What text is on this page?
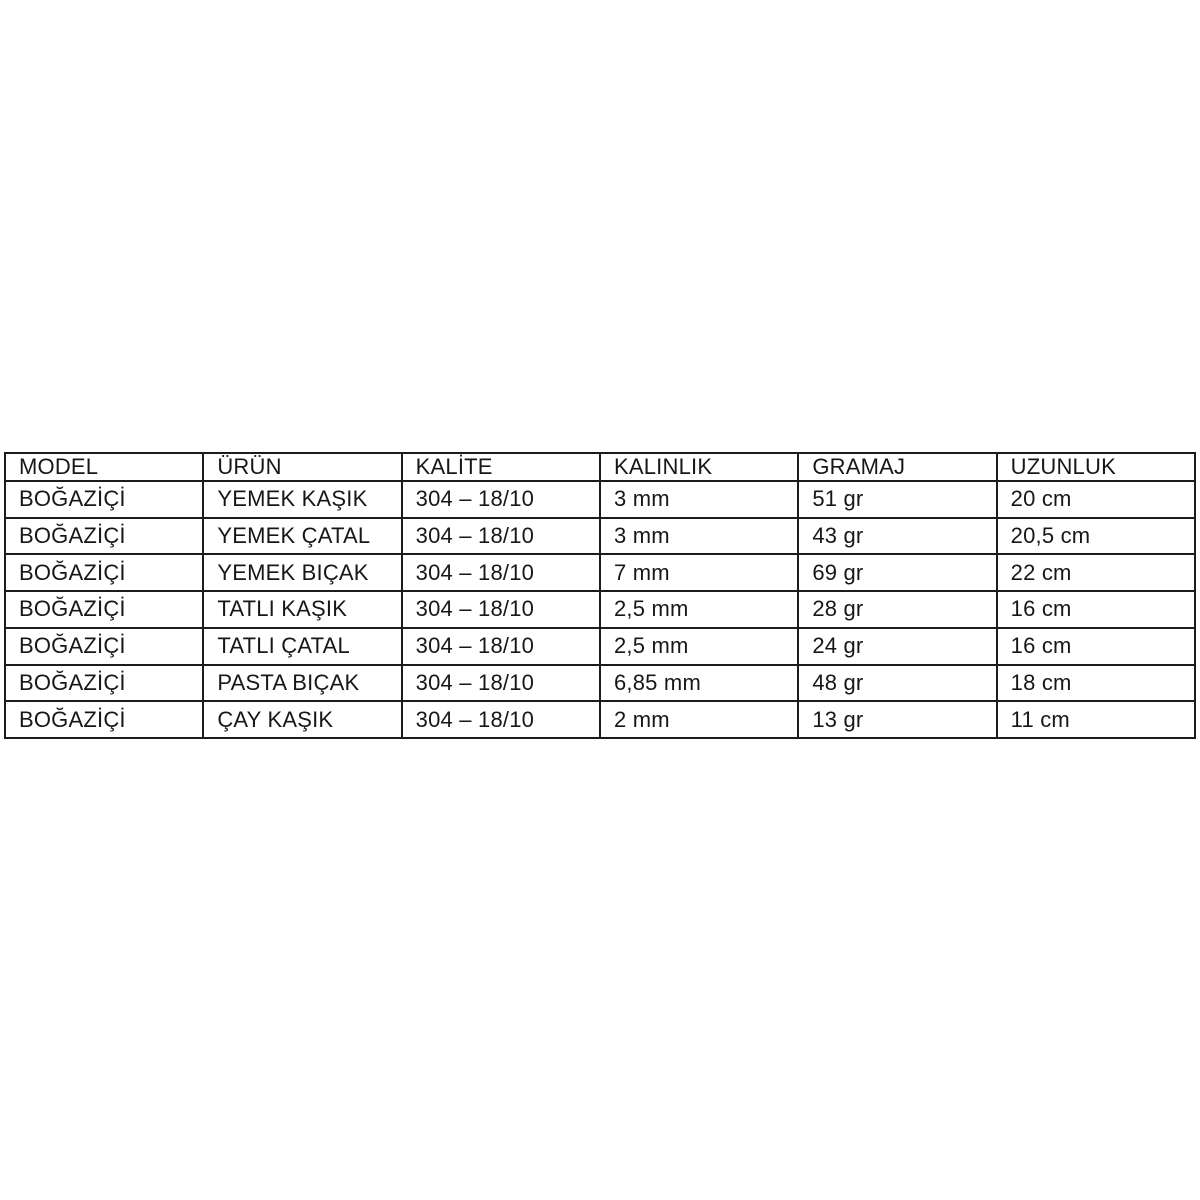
MODEL	ÜRÜN	KALİTE	KALINLIK	GRAMAJ	UZUNLUK
BOĞAZİÇİ	YEMEK KAŞIK	304 – 18/10	3 mm	51 gr	20 cm
BOĞAZİÇİ	YEMEK ÇATAL	304 – 18/10	3 mm	43 gr	20,5 cm
BOĞAZİÇİ	YEMEK BIÇAK	304 – 18/10	7 mm	69 gr	22 cm
BOĞAZİÇİ	TATLI KAŞIK	304 – 18/10	2,5 mm	28 gr	16 cm
BOĞAZİÇİ	TATLI ÇATAL	304 – 18/10	2,5 mm	24 gr	16 cm
BOĞAZİÇİ	PASTA BIÇAK	304 – 18/10	6,85 mm	48 gr	18 cm
BOĞAZİÇİ	ÇAY KAŞIK	304 – 18/10	2 mm	13 gr	11 cm
